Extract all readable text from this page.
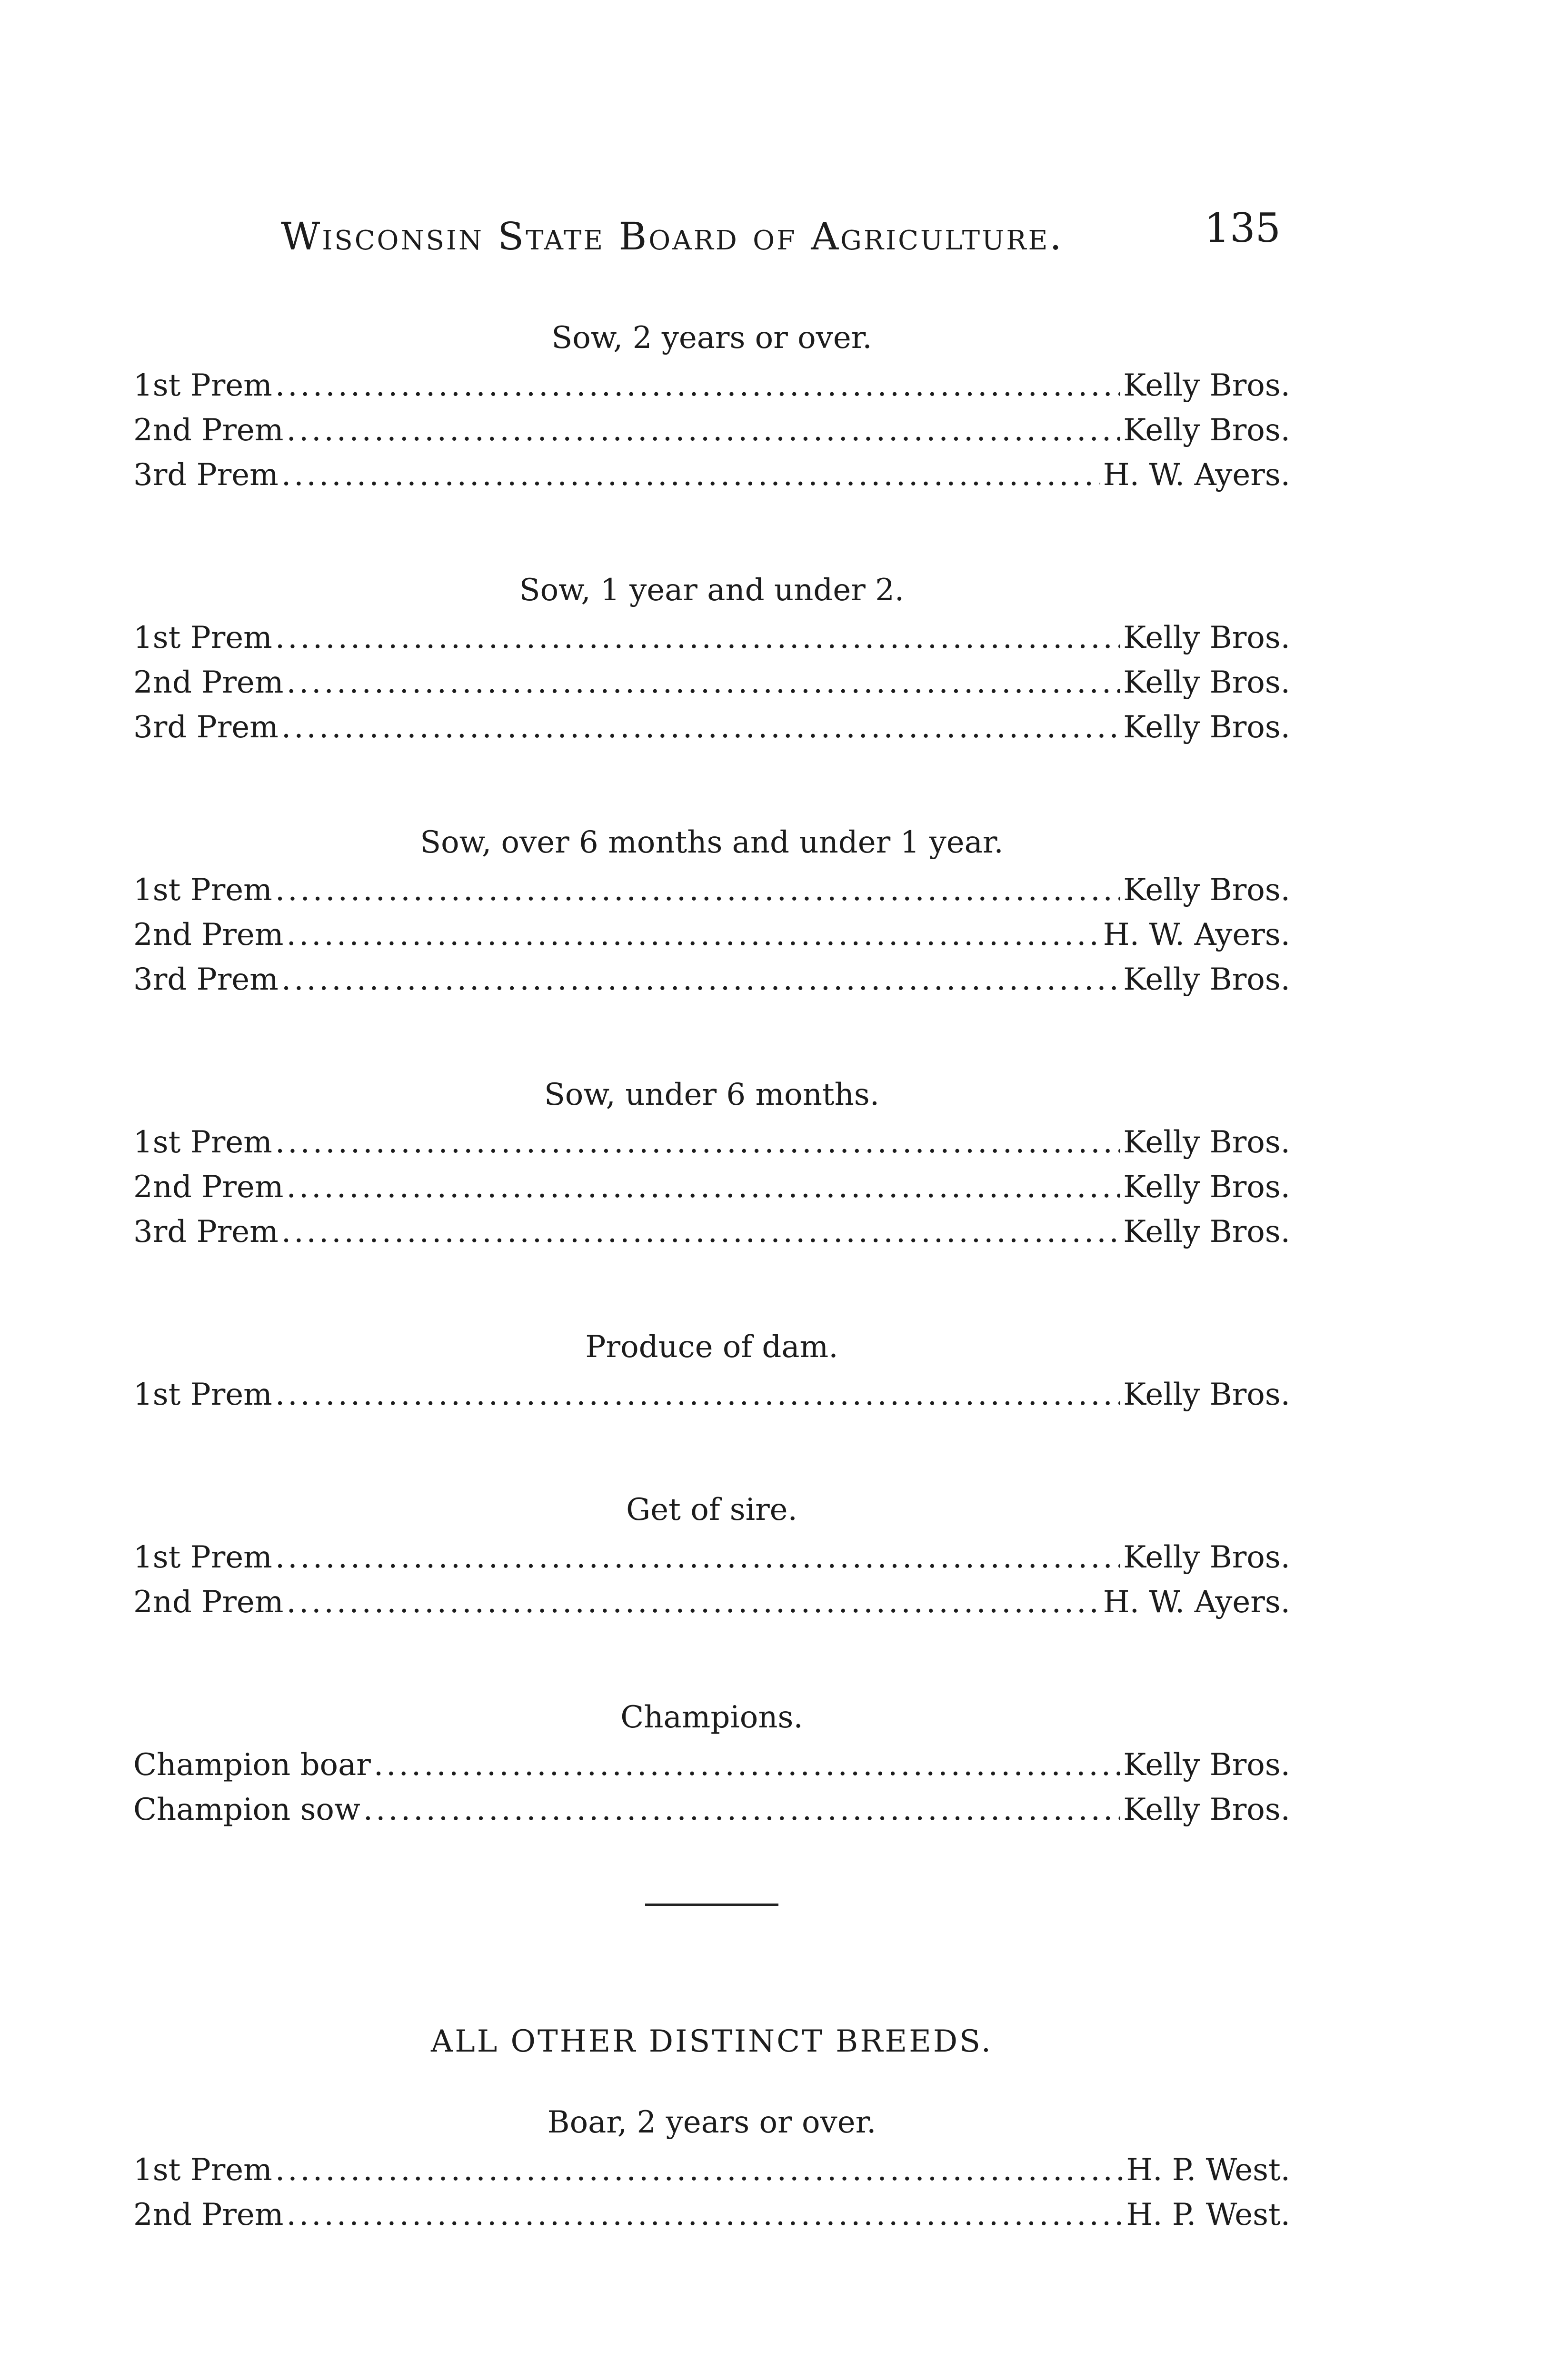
Wisconsin State Board of Agriculture.	135
Sow, 2 years or over.
1st Prem .....	Kelly Bros.
2nd Prem .....	Kelly Bros.
3rd Prem .....	H. W. Ayers.
Sow, 1 year and under 2.
1st Prem .....	Kelly Bros.
2nd Prem .....	Kelly Bros.
3rd Prem .....	Kelly Bros.
Sow, over 6 months and under 1 year.
1st Prem .....	Kelly Bros.
2nd Prem .....	H. W. Ayers.
3rd Prem .....	Kelly Bros.
Sow, under 6 months.
1st Prem .....	Kelly Bros.
2nd Prem .....	Kelly Bros.
3rd Prem .....	Kelly Bros.
Produce of dam.
1st Prem .....	Kelly Bros.
Get of sire.
1st Prem .....	Kelly Bros.
2nd Prem .....	H. W. Ayers.
Champions.
Champion boar .....	Kelly Bros.
Champion sow .....	Kelly Bros.
ALL OTHER DISTINCT BREEDS.
Boar, 2 years or over.
1st Prem .....	H. P. West.
2nd Prem .....	H. P. West.
